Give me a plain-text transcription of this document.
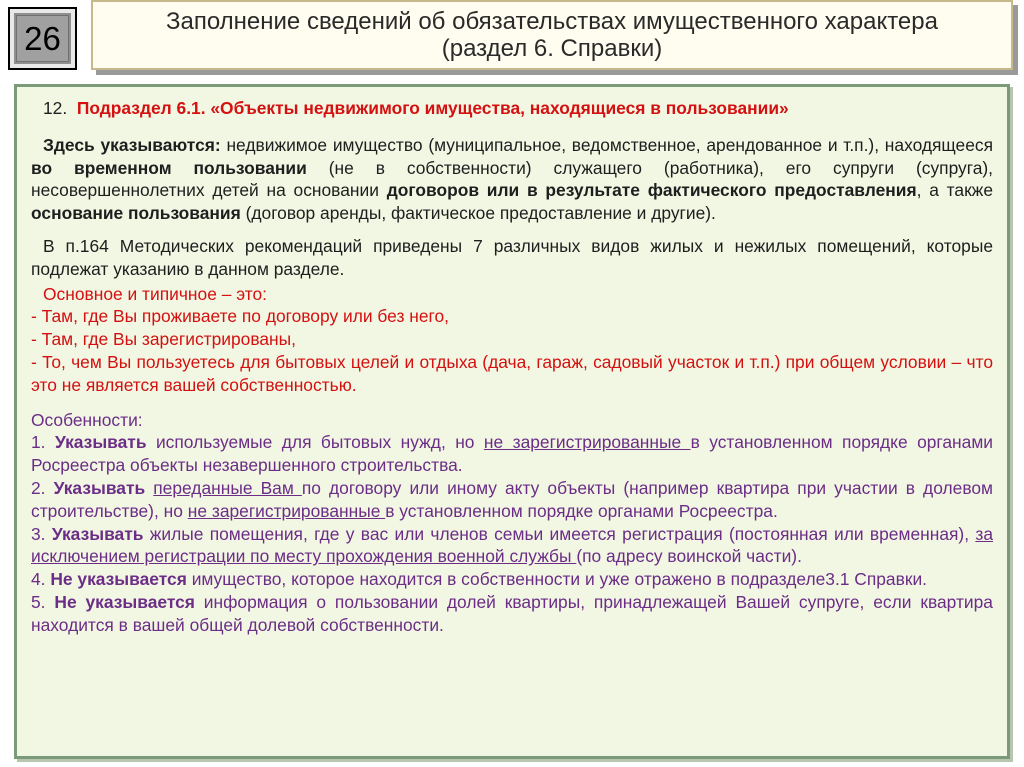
26	Заполнение сведений об обязательствах имущественного характера
(раздел 6. Справки)

12. Подраздел 6.1. «Объекты недвижимого имущества, находящиеся в пользовании»

Здесь указываются: недвижимое имущество (муниципальное, ведомственное, арендованное и т.п.), находящееся во временном пользовании (не в собственности) служащего (работника), его супруги (супруга), несовершеннолетних детей на основании договоров или в результате фактического предоставления, а также основание пользования (договор аренды, фактическое предоставление и другие).

В п.164 Методических рекомендаций приведены 7 различных видов жилых и нежилых помещений, которые подлежат указанию в данном разделе.

Основное и типичное – это:

- Там, где Вы проживаете по договору или без него,

- Там, где Вы зарегистрированы,

- То, чем Вы пользуетесь для бытовых целей и отдыха (дача, гараж, садовый участок и т.п.) при общем условии – что это не является вашей собственностью.

Особенности:

1. Указывать используемые для бытовых нужд, но не зарегистрированные в установленном порядке органами Росреестра объекты незавершенного строительства.

2. Указывать переданные Вам по договору или иному акту объекты (например квартира при участии в долевом строительстве), но не зарегистрированные в установленном порядке органами Росреестра.

3. Указывать жилые помещения, где у вас или членов семьи имеется регистрация (постоянная или временная), за исключением регистрации по месту прохождения военной службы (по адресу воинской части).

4. Не указывается имущество, которое находится в собственности и уже отражено в подразделе3.1 Справки.

5. Не указывается информация о пользовании долей квартиры, принадлежащей Вашей супруге, если квартира находится в вашей общей долевой собственности.
